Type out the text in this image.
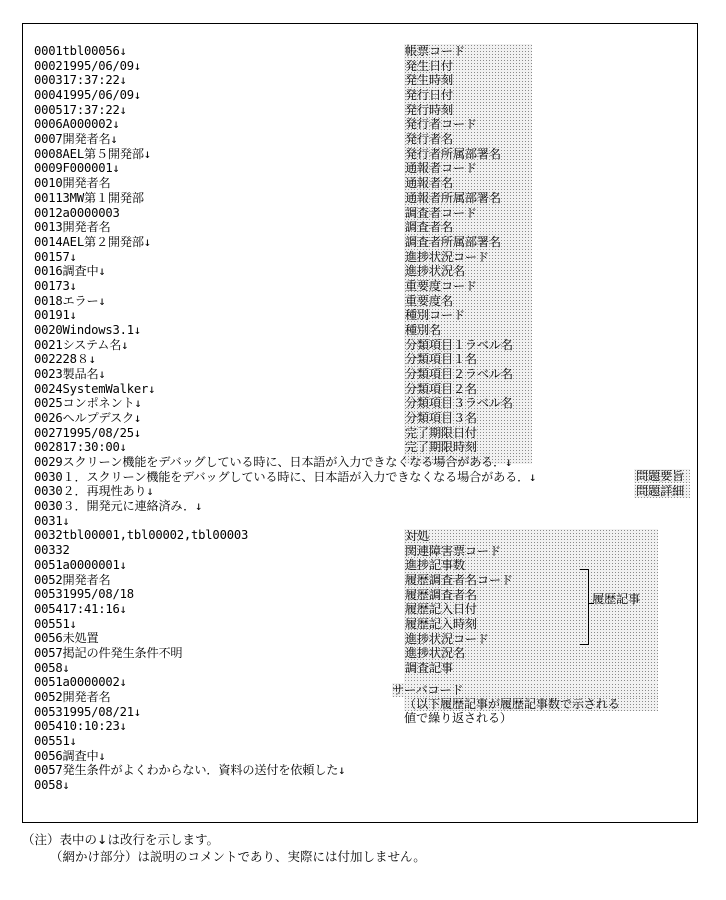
0001tbl00056↓
00021995/06/09↓
000317:37:22↓
00041995/06/09↓
000517:37:22↓
0006A000002↓
0007開発者名↓
0008AEL第５開発部↓
0009F000001↓
0010開発者名
00113MW第１開発部
0012a0000003
0013開発者名
0014AEL第２開発部↓
00157↓
0016調査中↓
00173↓
0018エラー↓
00191↓
0020Windows3.1↓
0021システム名↓
002228８↓
0023製品名↓
0024SystemWalker↓
0025コンポネント↓
0026ヘルプデスク↓
00271995/08/25↓
002817:30:00↓
0029スクリーン機能をデバッグしている時に、日本語が入力できなくなる場合がある．↓
0030１．スクリーン機能をデバッグしている時に、日本語が入力できなくなる場合がある．↓
0030２．再現性あり↓
0030３．開発元に連絡済み．↓
0031↓
0032tbl00001,tbl00002,tbl00003
00332
0051a0000001↓
0052開発者名
00531995/08/18
005417:41:16↓
00551↓
0056未処置
0057掲記の件発生条件不明
0058↓
0051a0000002↓
0052開発者名
00531995/08/21↓
005410:10:23↓
00551↓
0056調査中↓
0057発生条件がよくわからない．資料の送付を依頼した↓
0058↓
帳票コード
発生日付
発生時刻
発行日付
発行時刻
発行者コード
発行者名
発行者所属部署名
通報者コード
通報者名
通報者所属部署名
調査者コード
調査者名
調査者所属部署名
進捗状況コード
進捗状況名
重要度コード
重要度名
種別コード
種別名
分類項目１ラベル名
分類項目１名
分類項目２ラベル名
分類項目２名
分類項目３ラベル名
分類項目３名
完了期限日付
完了期限時刻
対処
関連障害票コード
進捗記事数
履歴調査者名コード
履歴調査者名
履歴記入日付
履歴記入時刻
進捗状況コード
進捗状況名
調査記事
問題要旨
問題詳細
サーバコード
（以下履歴記事が履歴記事数で示される
値で繰り返される）
履歴記事
（注）表中の↓は改行を示します。
（網かけ部分）は説明のコメントであり、実際には付加しません。
